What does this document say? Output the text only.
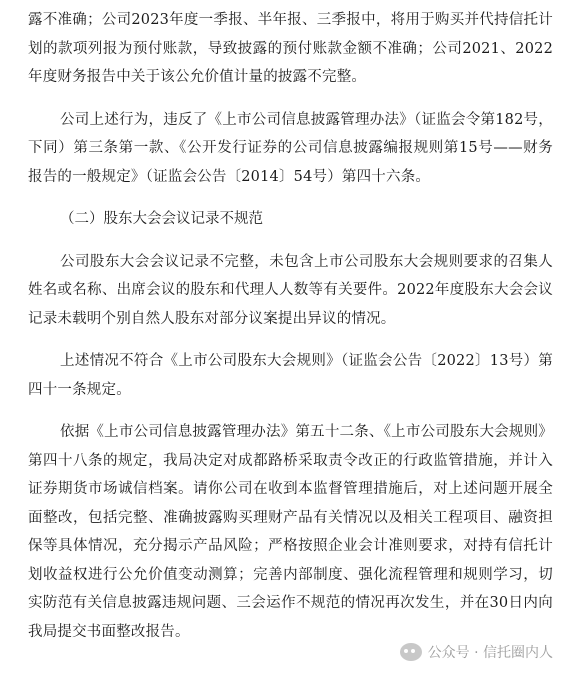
露不准确；公司2023年度一季报、半年报、三季报中，将用于购买并代持信托计划的款项列报为预付账款，导致披露的预付账款金额不准确；公司2021、2022年度财务报告中关于该公允价值计量的披露不完整。

公司上述行为，违反了《上市公司信息披露管理办法》（证监会令第182号，下同）第三条第一款、《公开发行证券的公司信息披露编报规则第15号——财务报告的一般规定》（证监会公告〔2014〕54号）第四十六条。

（二）股东大会会议记录不规范

公司股东大会会议记录不完整，未包含上市公司股东大会规则要求的召集人姓名或名称、出席会议的股东和代理人人数等有关要件。2022年度股东大会会议记录未载明个别自然人股东对部分议案提出异议的情况。

上述情况不符合《上市公司股东大会规则》（证监会公告〔2022〕13号）第四十一条规定。

依据《上市公司信息披露管理办法》第五十二条、《上市公司股东大会规则》第四十八条的规定，我局决定对成都路桥采取责令改正的行政监管措施，并计入证券期货市场诚信档案。请你公司在收到本监督管理措施后，对上述问题开展全面整改，包括完整、准确披露购买理财产品有关情况以及相关工程项目、融资担保等具体情况，充分揭示产品风险；严格按照企业会计准则要求，对持有信托计划收益权进行公允价值变动测算；完善内部制度、强化流程管理和规则学习，切实防范有关信息披露违规问题、三会运作不规范的情况再次发生，并在30日内向我局提交书面整改报告。

公众号 · 信托圈内人
